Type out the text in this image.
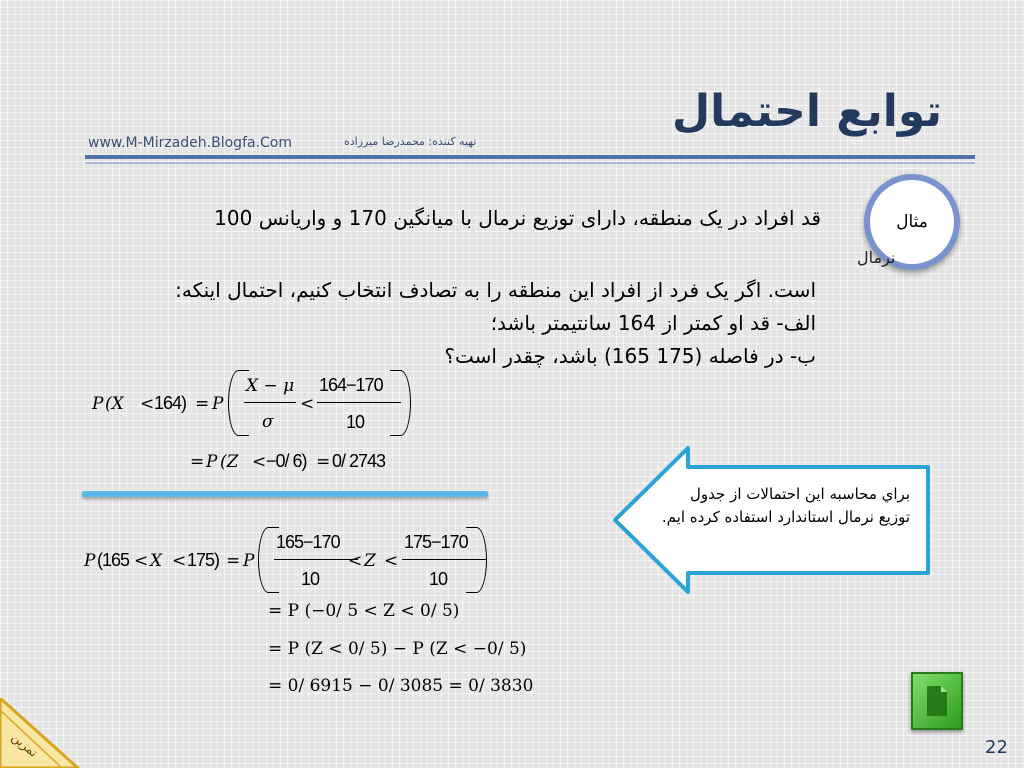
توابع احتمال
www.M-Mirzadeh.Blogfa.Com	تهیه کننده: محمدرضا میرزاده
مثال
نرمال
قد افراد در یک منطقه، دارای توزیع نرمال با میانگین 170 و واریانس 100
است. اگر یک فرد از افراد این منطقه را به تصادف انتخاب کنیم، احتمال اینکه:
الف- قد او کمتر از 164 سانتیمتر باشد؛
ب- در فاصله (175 165) باشد، چقدر است؟
P (X < 164) = P
X − μ
σ
<
164−170
10
= P (Z < −0/ 6) = 0/ 2743
P (165 < X < 175) = P
165−170
10
< Z <
175−170
10
= P (−0/ 5 < Z < 0/ 5)
= P (Z < 0/ 5) − P (Z < −0/ 5)
= 0/ 6915 − 0/ 3085 = 0/ 3830
براي محاسبه اين احتمالات از جدول توزیع نرمال استاندارد استفاده کرده ایم.
تمرین	22
